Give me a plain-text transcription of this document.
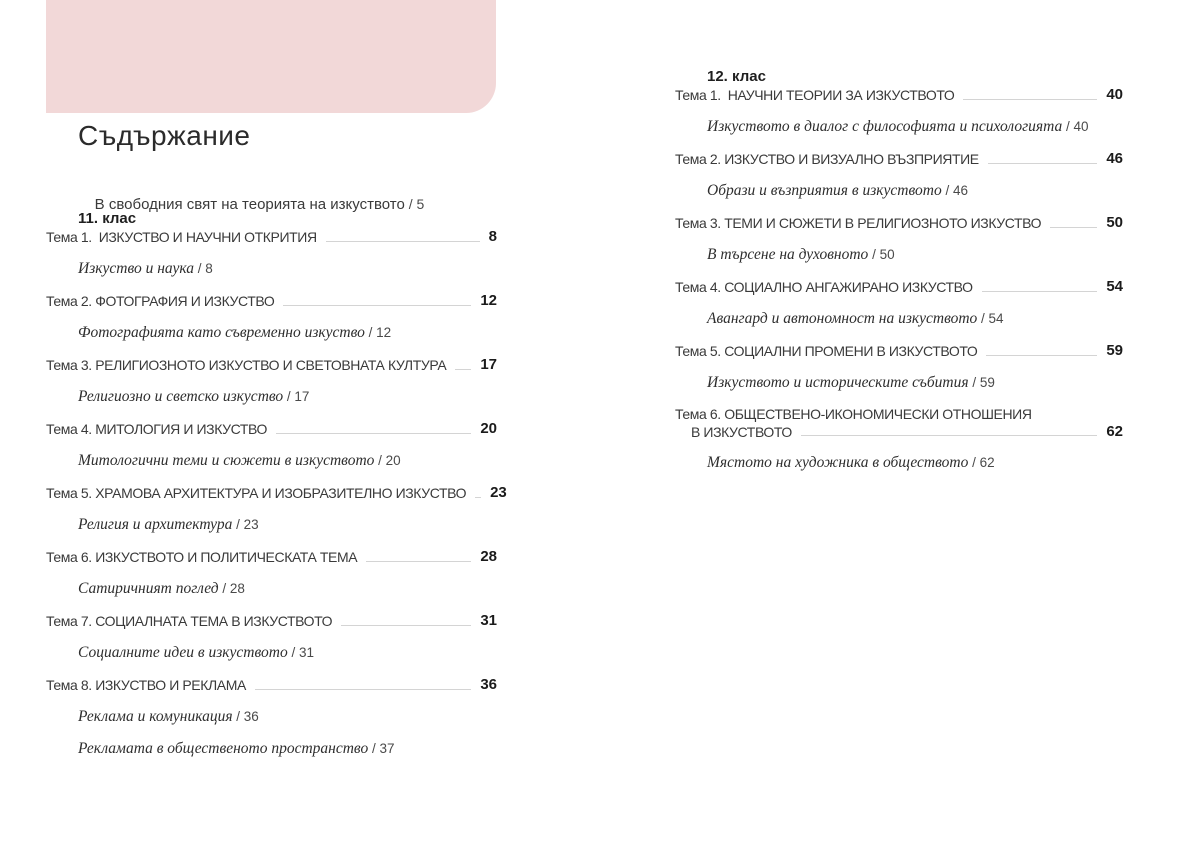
Съдържание

В свободния свят на теорията на изкуството / 5

11. клас
Тема 1.  ИЗКУСТВО И НАУЧНИ ОТКРИТИЯ	8
Изкуство и наука / 8
Тема 2. ФОТОГРАФИЯ И ИЗКУСТВО	12
Фотографията като съвременно изкуство / 12
Тема 3. РЕЛИГИОЗНОТО ИЗКУСТВО И СВЕТОВНАТА КУЛТУРА 17
Религиозно и светско изкуство / 17
Тема 4. МИТОЛОГИЯ И ИЗКУСТВО	20
Митологични теми и сюжети в изкуството / 20
Тема 5. ХРАМОВА АРХИТЕКТУРА И ИЗОБРАЗИТЕЛНО ИЗКУСТВО 23
Религия и архитектура / 23
Тема 6. ИЗКУСТВОТО И ПОЛИТИЧЕСКАТА ТЕМА	28
Сатиричният поглед / 28
Тема 7. СОЦИАЛНАТА ТЕМА В ИЗКУСТВОТО	31
Социалните идеи в изкуството / 31
Тема 8. ИЗКУСТВО И РЕКЛАМА	36
Реклама и комуникация / 36
Рекламата в общественото пространство / 37
12. клас
Тема 1.  НАУЧНИ ТЕОРИИ ЗА ИЗКУСТВОТО	40
Изкуството в диалог с философията и психологията / 40
Тема 2. ИЗКУСТВО И ВИЗУАЛНО ВЪЗПРИЯТИЕ	46
Образи и възприятия в изкуството / 46
Тема 3. ТЕМИ И СЮЖЕТИ В РЕЛИГИОЗНОТО ИЗКУСТВО	50
В търсене на духовното / 50
Тема 4. СОЦИАЛНО АНГАЖИРАНО ИЗКУСТВО	54
Авангард и автономност на изкуството / 54
Тема 5. СОЦИАЛНИ ПРОМЕНИ В ИЗКУСТВОТО	59
Изкуството и историческите събития / 59
Тема 6. ОБЩЕСТВЕНО-ИКОНОМИЧЕСКИ ОТНОШЕНИЯ
В ИЗКУСТВОТО	62
Мястото на художника в обществото / 62
